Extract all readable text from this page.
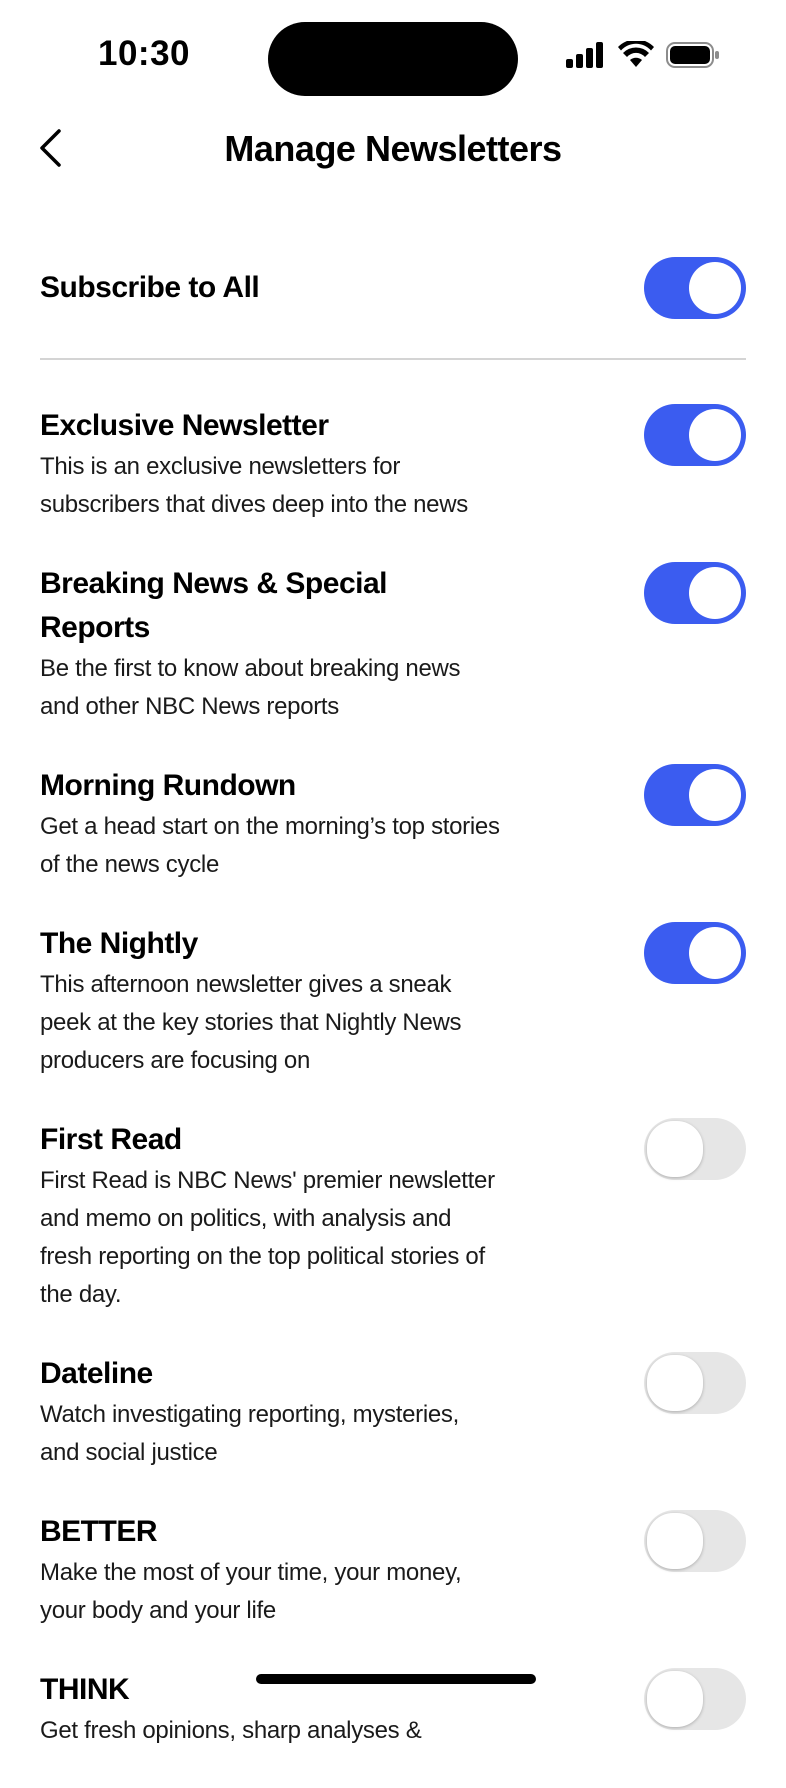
10:30
Manage Newsletters
Subscribe to All
Exclusive Newsletter
This is an exclusive newsletters for subscribers that dives deep into the news
Breaking News & Special Reports
Be the first to know about breaking news and other NBC News reports
Morning Rundown
Get a head start on the morning’s top stories of the news cycle
The Nightly
This afternoon newsletter gives a sneak peek at the key stories that Nightly News producers are focusing on
First Read
First Read is NBC News' premier newsletter and memo on politics, with analysis and fresh reporting on the top political stories of the day.
Dateline
Watch investigating reporting, mysteries, and social justice
BETTER
Make the most of your time, your money, your body and your life
THINK
Get fresh opinions, sharp analyses &
